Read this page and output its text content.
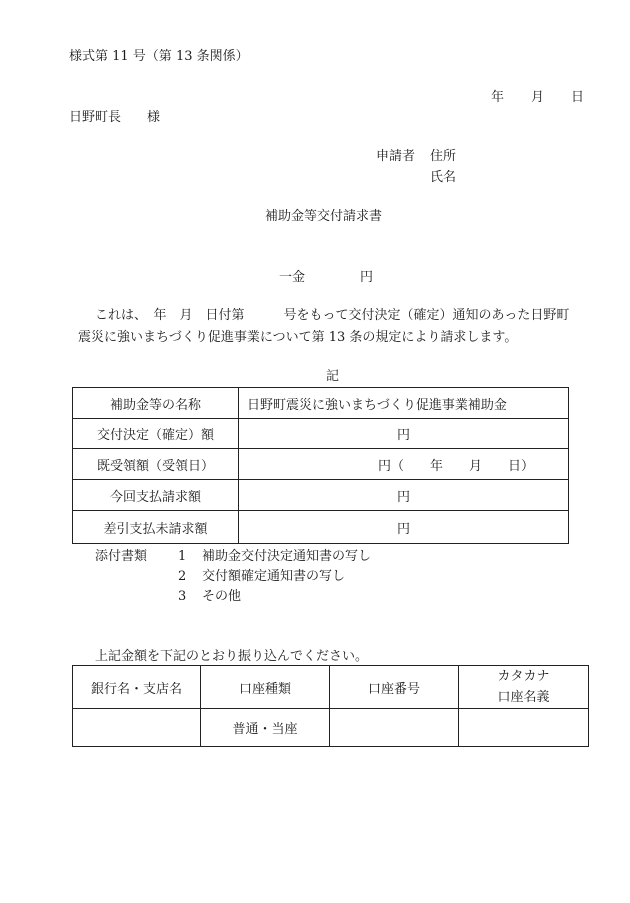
様式第 11 号（第 13 条関係）
年 月 日
日野町長　　様
申請者 住所
氏名
補助金等交付請求書
一金	円
これは、　年　月　日付第　　　号をもって交付決定（確定）通知のあった日野町
震災に強いまちづくり促進事業について第 13 条の規定により請求します。
記
補助金等の名称	日野町震災に強いまちづくり促進事業補助金
交付決定（確定）額	円
既受領額（受領日）	円（　　年　　月　　日）
今回支払請求額	円
差引支払未請求額	円
添付書類 1 補助金交付決定通知書の写し
2 交付額確定通知書の写し
3 その他
上記金額を下記のとおり振り込んでください。
銀行名・支店名	口座種類	口座番号	カタカナ
口座名義

	普通・当座		
